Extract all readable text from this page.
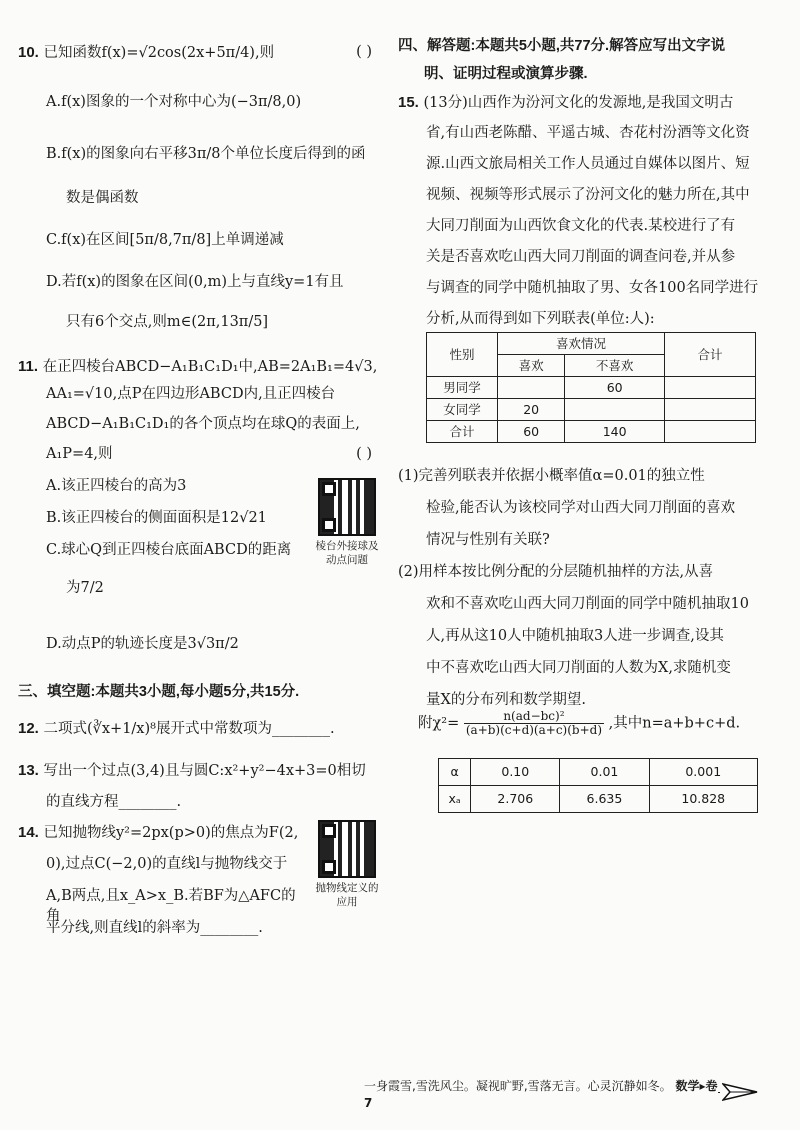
10. 已知函数f(x)=√2cos(2x+5π/4),则	( )
A.f(x)图象的一个对称中心为(−3π/8,0)
B.f(x)的图象向右平移3π/8个单位长度后得到的函
数是偶函数
C.f(x)在区间[5π/8,7π/8]上单调递减
D.若f(x)的图象在区间(0,m)上与直线y=1有且
只有6个交点,则m∈(2π,13π/5]
11. 在正四棱台ABCD−A₁B₁C₁D₁中,AB=2A₁B₁=4√3,
AA₁=√10,点P在四边形ABCD内,且正四棱台
ABCD−A₁B₁C₁D₁的各个顶点均在球Q的表面上,
A₁P=4,则	( )
A.该正四棱台的高为3
B.该正四棱台的侧面面积是12√21
C.球心Q到正四棱台底面ABCD的距离
为7/2
D.动点P的轨迹长度是3√3π/2
棱台外接球及动点问题
三、填空题:本题共3小题,每小题5分,共15分.
12. 二项式(∛x+1/x)⁸展开式中常数项为________.
13. 写出一个过点(3,4)且与圆C:x²+y²−4x+3=0相切
的直线方程________.
14. 已知抛物线y²=2px(p>0)的焦点为F(2,
0),过点C(−2,0)的直线l与抛物线交于
A,B两点,且x_A>x_B.若BF为△AFC的角
平分线,则直线l的斜率为________.
抛物线定义的应用
四、解答题:本题共5小题,共77分.解答应写出文字说
明、证明过程或演算步骤.
15. (13分)山西作为汾河文化的发源地,是我国文明古
省,有山西老陈醋、平遥古城、杏花村汾酒等文化资
源.山西文旅局相关工作人员通过自媒体以图片、短
视频、视频等形式展示了汾河文化的魅力所在,其中
大同刀削面为山西饮食文化的代表.某校进行了有
关是否喜欢吃山西大同刀削面的调查问卷,并从参
与调查的同学中随机抽取了男、女各100名同学进行
分析,从而得到如下列联表(单位:人):
性别	喜欢情况		合计
	喜欢	不喜欢	
男同学		60	
女同学	20		
合计	60	140	
(1)完善列联表并依据小概率值α=0.01的独立性
检验,能否认为该校同学对山西大同刀削面的喜欢
情况与性别有关联?
(2)用样本按比例分配的分层随机抽样的方法,从喜
欢和不喜欢吃山西大同刀削面的同学中随机抽取10
人,再从这10人中随机抽取3人进一步调查,设其
中不喜欢吃山西大同刀削面的人数为X,求随机变
量X的分布列和数学期望.
附$\chi^2= \frac{\text{n(ad−bc)²}}{(a+b)(c+d)(a+c)(b+d)}$ ,其中n=a+b+c+d.
α	0.10	0.01	0.001
xₐ	2.706	6.635	10.828
一身霞雪,雪洗风尘。凝视旷野,雪落无言。心灵沉静如冬。 数学▸卷7
